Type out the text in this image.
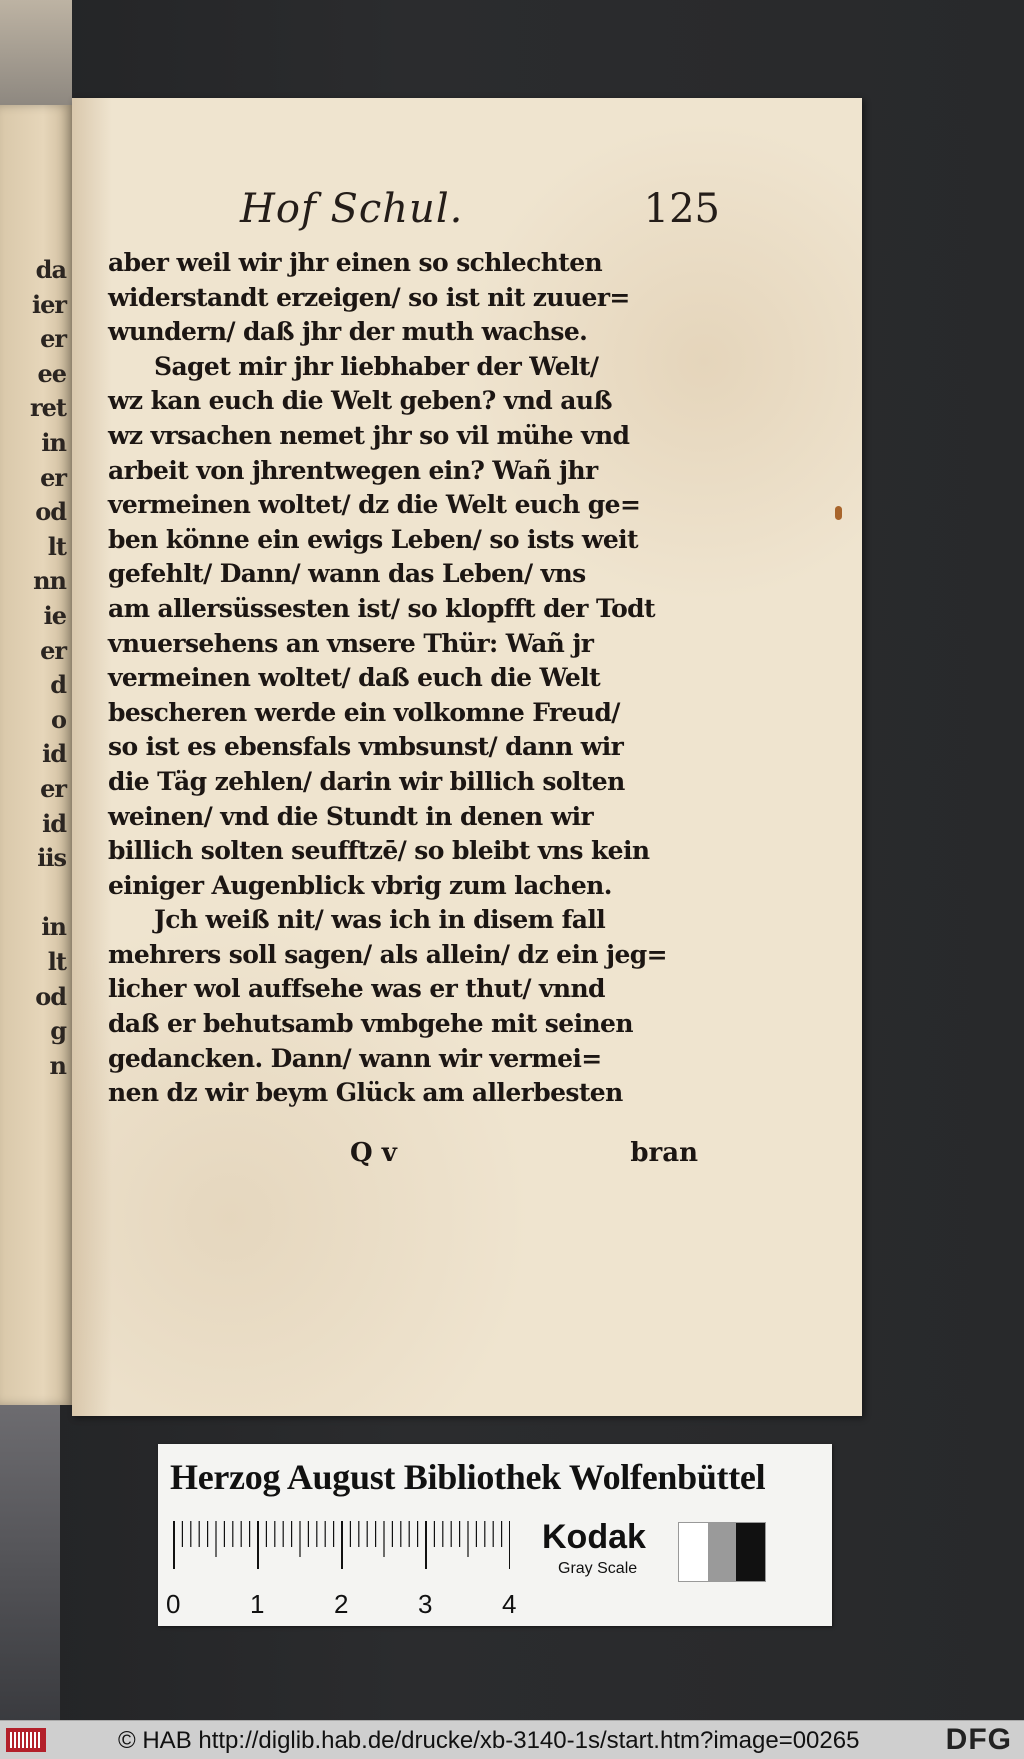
da
ier
er
ee
ret
in
er
od
lt
nn
ie
er
d
o
id
er
id
iis
in
lt
od
g
n
Hof Schul.	125
aber weil wir jhr einen so schlechten
widerstandt erzeigen/ so ist nit zuuer=
wundern/ daß jhr der muth wachse.
Saget mir jhr liebhaber der Welt/
wz kan euch die Welt geben? vnd auß
wz vrsachen nemet jhr so vil mühe vnd
arbeit von jhrentwegen ein? Wañ jhr
vermeinen woltet/ dz die Welt euch ge=
ben könne ein ewigs Leben/ so ists weit
gefehlt/ Dann/ wann das Leben/ vns
am allersüssesten ist/ so klopfft der Todt
vnuersehens an vnsere Thür: Wañ jr
vermeinen woltet/ daß euch die Welt
bescheren werde ein volkomne Freud/
so ist es ebensfals vmbsunst/ dann wir
die Täg zehlen/ darin wir billich solten
weinen/ vnd die Stundt in denen wir
billich solten seufftzē/ so bleibt vns kein
einiger Augenblick vbrig zum lachen.
Jch weiß nit/ was ich in disem fall
mehrers soll sagen/ als allein/ dz ein jeg=
licher wol auffsehe was er thut/ vnnd
daß er behutsamb vmbgehe mit seinen
gedancken. Dann/ wann wir vermei=
nen dz wir beym Glück am allerbesten
Q v	bran
Herzog August Bibliothek Wolfenbüttel
0	1	2	3	4
Kodak
Gray Scale
© HAB http://diglib.hab.de/drucke/xb-3140-1s/start.htm?image=00265	DFG
